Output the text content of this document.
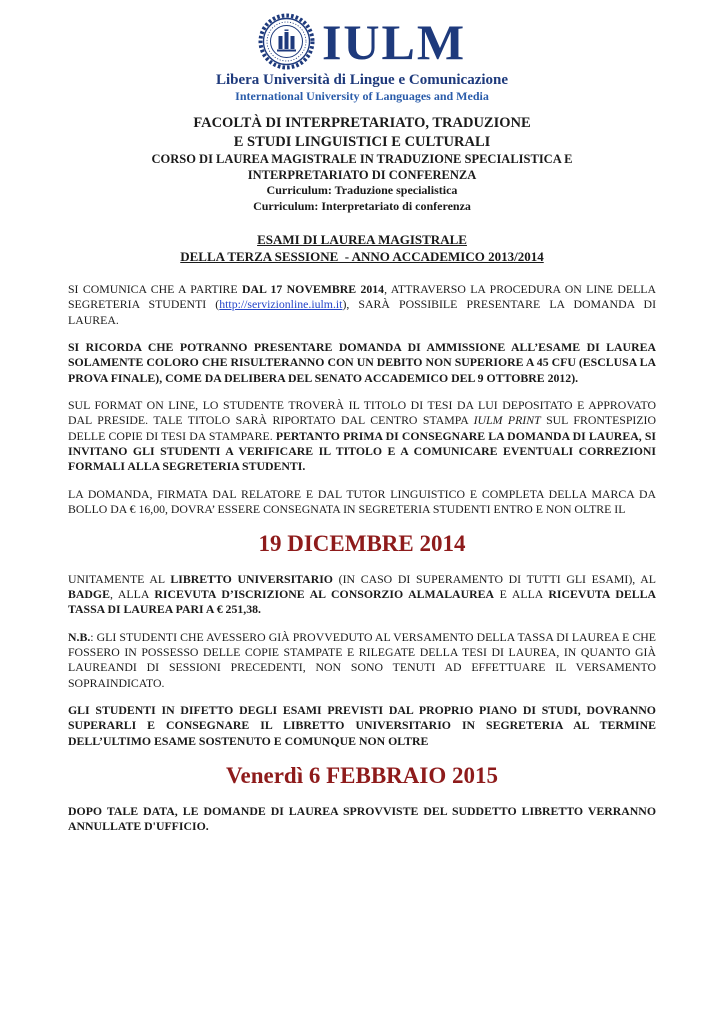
IULM
Libera Università di Lingue e Comunicazione
International University of Languages and Media
FACOLTÀ DI INTERPRETARIATO, TRADUZIONE
E STUDI LINGUISTICI E CULTURALI
CORSO DI LAUREA MAGISTRALE IN TRADUZIONE SPECIALISTICA E
INTERPRETARIATO DI CONFERENZA
Curriculum: Traduzione specialistica
Curriculum: Interpretariato di conferenza
ESAMI DI LAUREA MAGISTRALE
DELLA TERZA SESSIONE  - ANNO ACCADEMICO 2013/2014

SI COMUNICA CHE A PARTIRE DAL 17 NOVEMBRE 2014, ATTRAVERSO LA PROCEDURA ON LINE DELLA SEGRETERIA STUDENTI (http://servizionline.iulm.it), SARÀ POSSIBILE PRESENTARE LA DOMANDA DI LAUREA.

SI RICORDA CHE POTRANNO PRESENTARE DOMANDA DI AMMISSIONE ALL’ESAME DI LAUREA SOLAMENTE COLORO CHE RISULTERANNO CON UN DEBITO NON SUPERIORE A 45 CFU (ESCLUSA LA PROVA FINALE), COME DA DELIBERA DEL SENATO ACCADEMICO DEL 9 OTTOBRE 2012).

SUL FORMAT ON LINE, LO STUDENTE TROVERÀ IL TITOLO DI TESI DA LUI DEPOSITATO E APPROVATO DAL PRESIDE. TALE TITOLO SARÀ RIPORTATO DAL CENTRO STAMPA IULM PRINT SUL FRONTESPIZIO DELLE COPIE DI TESI DA STAMPARE. PERTANTO PRIMA DI CONSEGNARE LA DOMANDA DI LAUREA, SI INVITANO GLI STUDENTI A VERIFICARE IL TITOLO E A COMUNICARE EVENTUALI CORREZIONI FORMALI ALLA SEGRETERIA STUDENTI.

LA DOMANDA, FIRMATA DAL RELATORE E DAL TUTOR LINGUISTICO E COMPLETA DELLA MARCA DA BOLLO DA € 16,00, DOVRA’ ESSERE CONSEGNATA IN SEGRETERIA STUDENTI ENTRO E NON OLTRE IL

19 DICEMBRE 2014

UNITAMENTE AL LIBRETTO UNIVERSITARIO (IN CASO DI SUPERAMENTO DI TUTTI GLI ESAMI), AL BADGE, ALLA RICEVUTA D’ISCRIZIONE AL CONSORZIO ALMALAUREA E ALLA RICEVUTA DELLA TASSA DI LAUREA PARI A € 251,38.

N.B.: GLI STUDENTI CHE AVESSERO GIÀ PROVVEDUTO AL VERSAMENTO DELLA TASSA DI LAUREA E CHE FOSSERO IN POSSESSO DELLE COPIE STAMPATE E RILEGATE DELLA TESI DI LAUREA, IN QUANTO GIÀ LAUREANDI DI SESSIONI PRECEDENTI, NON SONO TENUTI AD EFFETTUARE IL VERSAMENTO SOPRAINDICATO.

GLI STUDENTI IN DIFETTO DEGLI ESAMI PREVISTI DAL PROPRIO PIANO DI STUDI, DOVRANNO SUPERARLI E CONSEGNARE IL LIBRETTO UNIVERSITARIO IN SEGRETERIA AL TERMINE DELL’ULTIMO ESAME SOSTENUTO E COMUNQUE NON OLTRE

Venerdì 6 FEBBRAIO 2015

DOPO TALE DATA, LE DOMANDE DI LAUREA SPROVVISTE DEL SUDDETTO LIBRETTO VERRANNO ANNULLATE D'UFFICIO.
